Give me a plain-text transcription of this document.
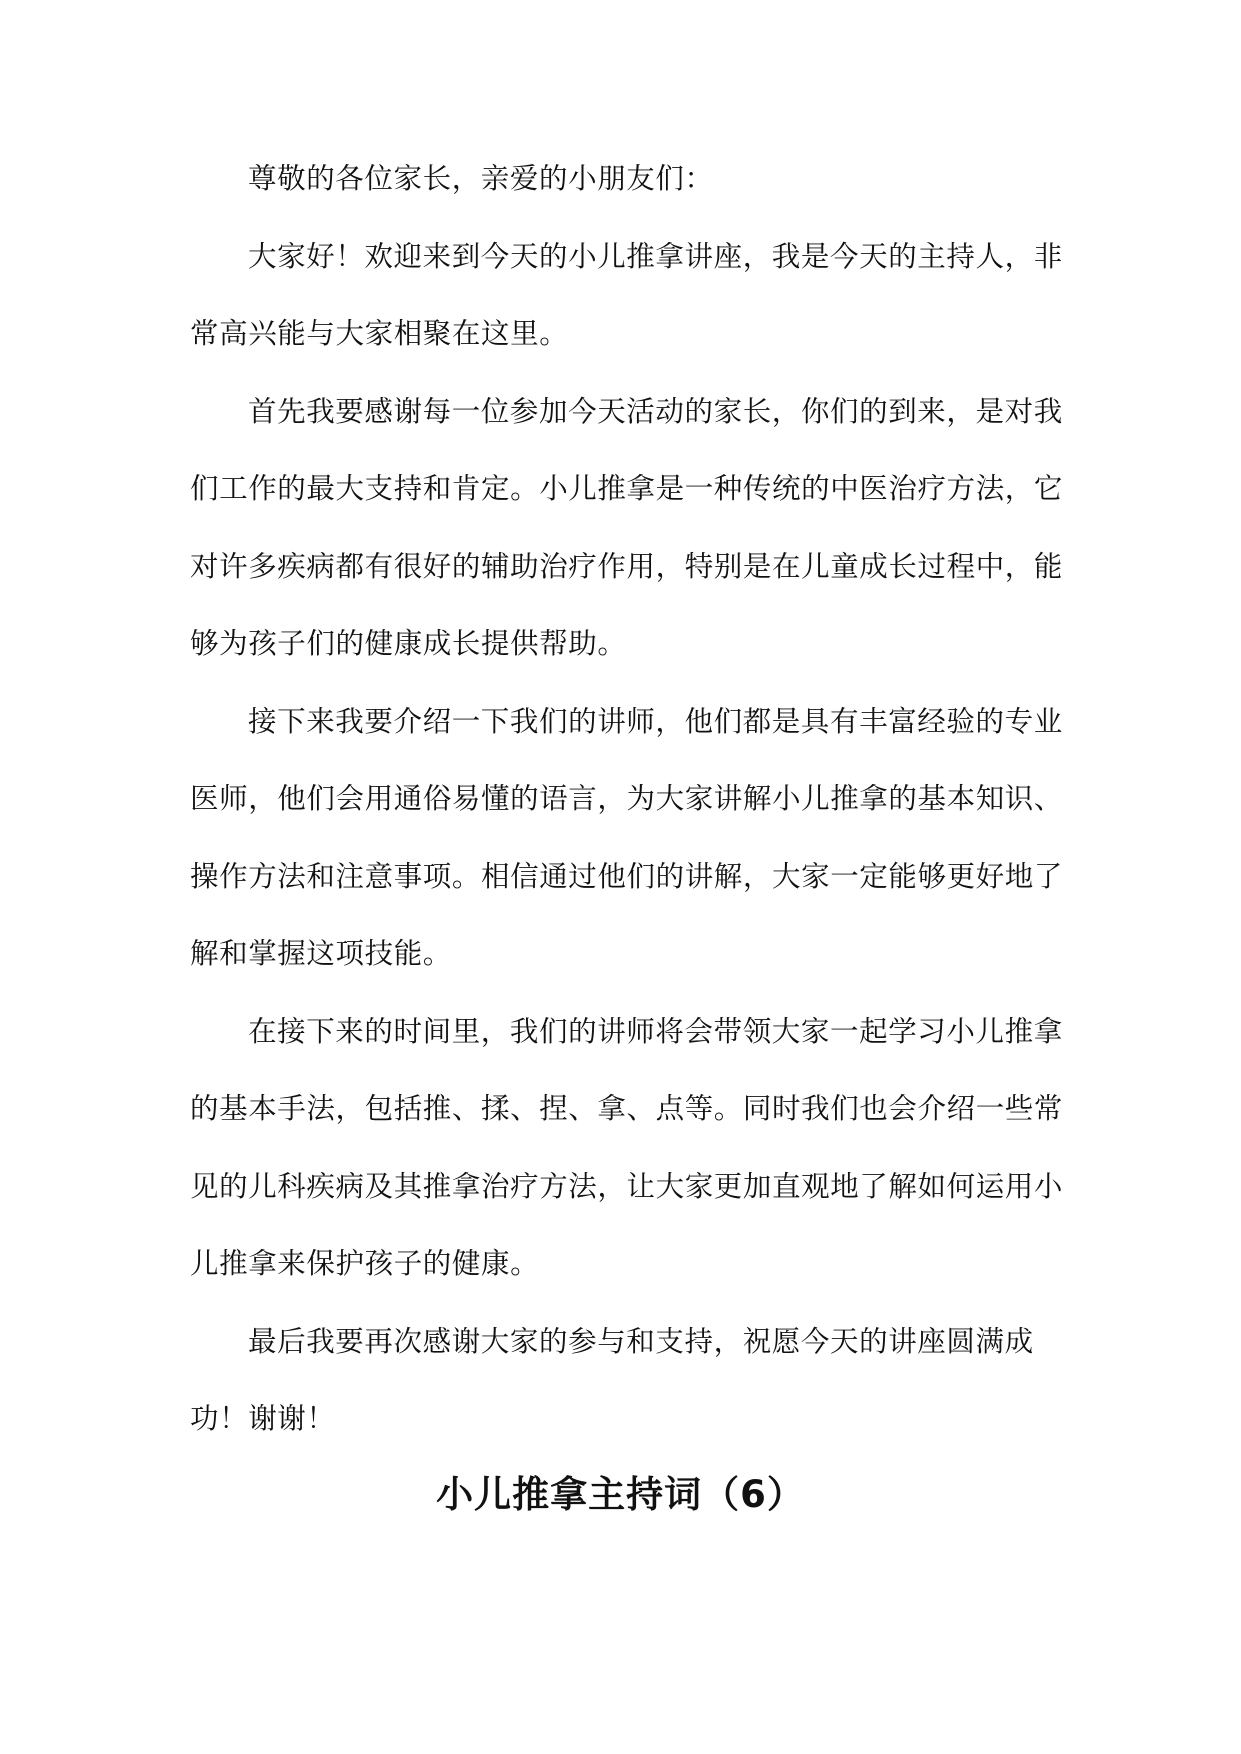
尊敬的各位家长，亲爱的小朋友们：
大家好！欢迎来到今天的小儿推拿讲座，我是今天的主持人，非
常高兴能与大家相聚在这里。
首先我要感谢每一位参加今天活动的家长，你们的到来，是对我
们工作的最大支持和肯定。小儿推拿是一种传统的中医治疗方法，它
对许多疾病都有很好的辅助治疗作用，特别是在儿童成长过程中，能
够为孩子们的健康成长提供帮助。
接下来我要介绍一下我们的讲师，他们都是具有丰富经验的专业
医师，他们会用通俗易懂的语言，为大家讲解小儿推拿的基本知识、
操作方法和注意事项。相信通过他们的讲解，大家一定能够更好地了
解和掌握这项技能。
在接下来的时间里，我们的讲师将会带领大家一起学习小儿推拿
的基本手法，包括推、揉、捏、拿、点等。同时我们也会介绍一些常
见的儿科疾病及其推拿治疗方法，让大家更加直观地了解如何运用小
儿推拿来保护孩子的健康。
最后我要再次感谢大家的参与和支持，祝愿今天的讲座圆满成
功！谢谢！
小儿推拿主持词（6）
